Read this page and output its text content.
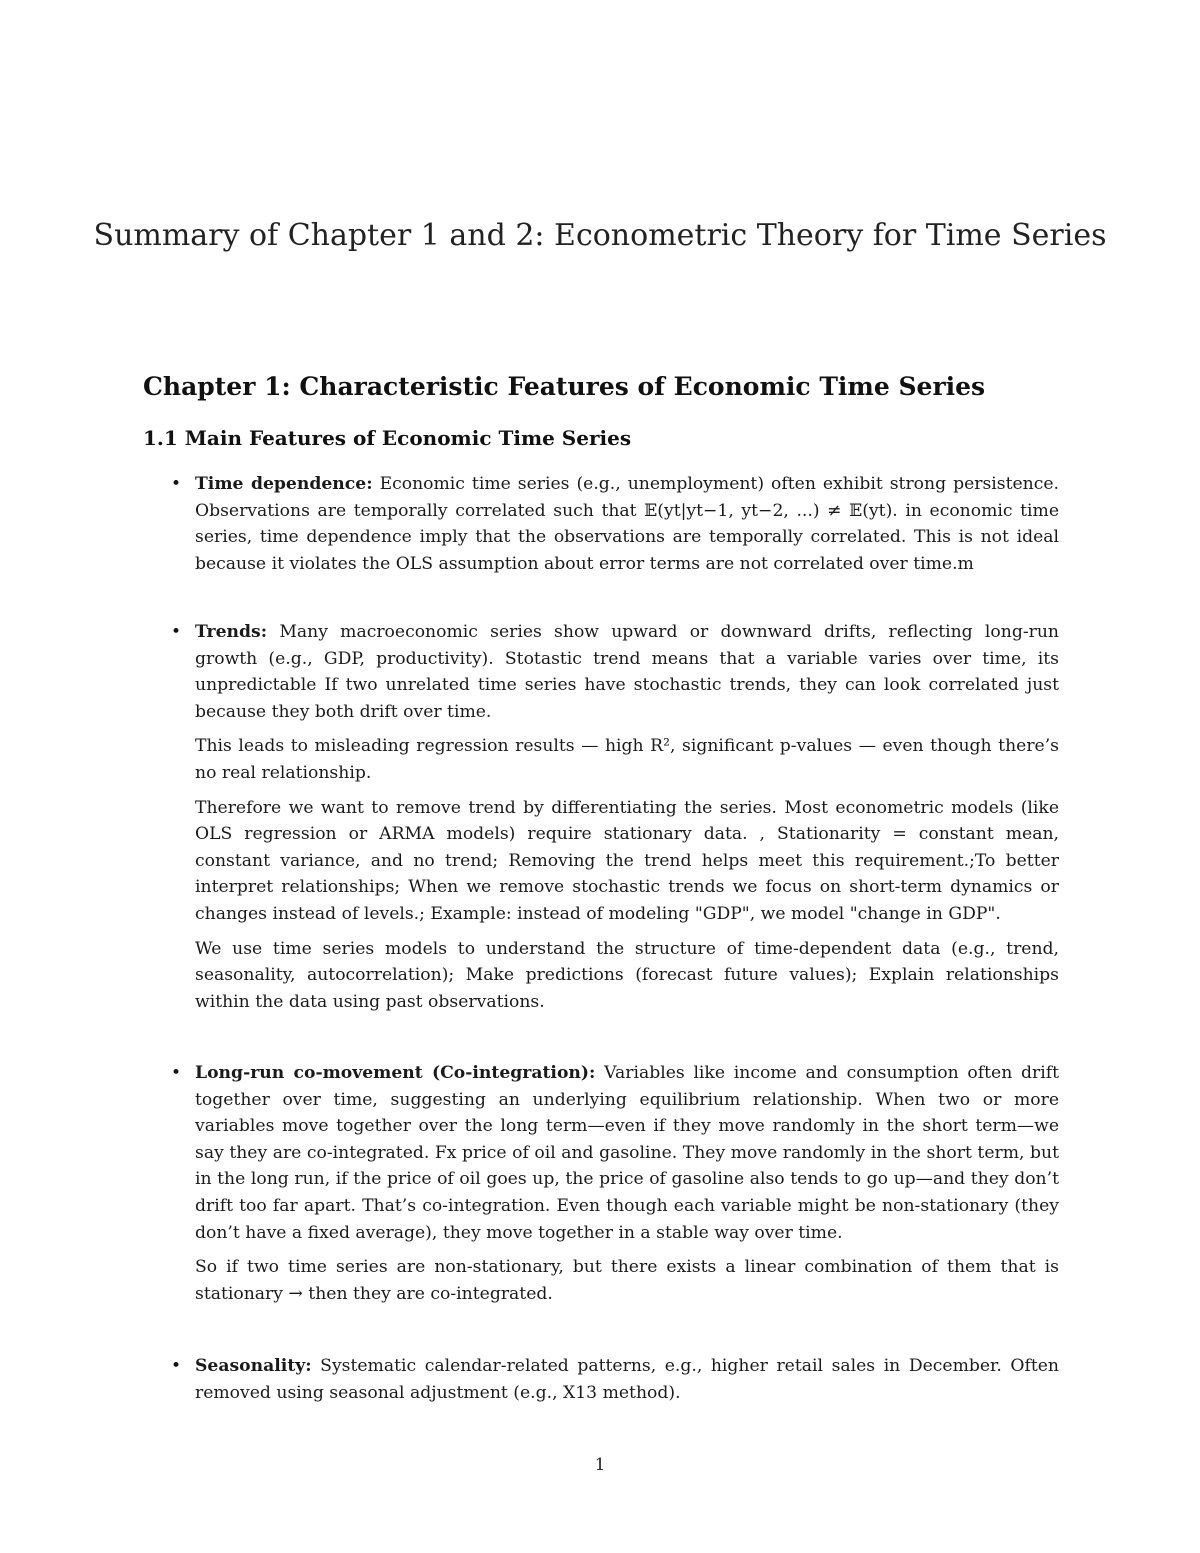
Summary of Chapter 1 and 2: Econometric Theory for Time Series
Chapter 1: Characteristic Features of Economic Time Series
1.1 Main Features of Economic Time Series
• Time dependence: Economic time series (e.g., unemployment) often exhibit strong persistence. Observations are temporally correlated such that 𝔼(yt|yt−1, yt−2, ...) ≠ 𝔼(yt). in economic time series, time dependence imply that the observations are temporally correlated. This is not ideal because it violates the OLS assumption about error terms are not correlated over time.m

• Trends: Many macroeconomic series show upward or downward drifts, reflecting long-run growth (e.g., GDP, productivity). Stotastic trend means that a variable varies over time, its unpredictable If two unrelated time series have stochastic trends, they can look correlated just because they both drift over time.

This leads to misleading regression results — high R², significant p-values — even though there’s no real relationship.

Therefore we want to remove trend by differentiating the series. Most econometric models (like OLS regression or ARMA models) require stationary data. , Stationarity = constant mean, constant variance, and no trend; Removing the trend helps meet this requirement.;To better interpret relationships; When we remove stochastic trends we focus on short-term dynamics or changes instead of levels.; Example: instead of modeling "GDP", we model "change in GDP".

We use time series models to understand the structure of time-dependent data (e.g., trend, seasonality, autocorrelation); Make predictions (forecast future values); Explain relationships within the data using past observations.

• Long-run co-movement (Co-integration): Variables like income and consumption often drift together over time, suggesting an underlying equilibrium relationship. When two or more variables move together over the long term—even if they move randomly in the short term—we say they are co-integrated. Fx price of oil and gasoline. They move randomly in the short term, but in the long run, if the price of oil goes up, the price of gasoline also tends to go up—and they don’t drift too far apart. That’s co-integration. Even though each variable might be non-stationary (they don’t have a fixed average), they move together in a stable way over time.

So if two time series are non-stationary, but there exists a linear combination of them that is stationary → then they are co-integrated.

• Seasonality: Systematic calendar-related patterns, e.g., higher retail sales in December. Often removed using seasonal adjustment (e.g., X13 method).

1
